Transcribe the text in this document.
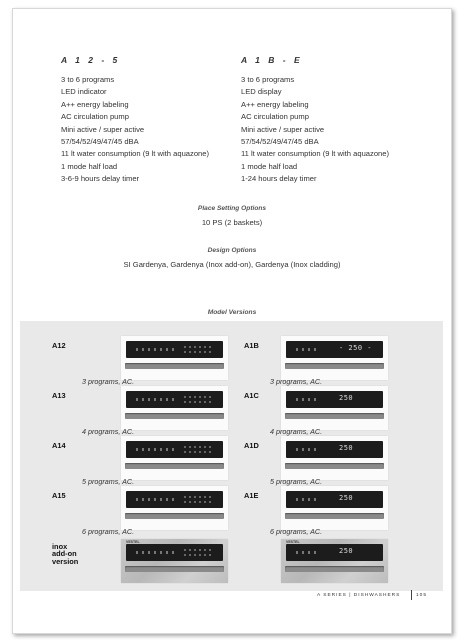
A 1 2 - 5
3 to 6 programs
LED indicator
A++ energy labeling
AC circulation pump
Mini active / super active
57/54/52/49/47/45 dBA
11 lt water consumption (9 lt with aquazone)
1 mode half load
3-6-9 hours delay timer
A 1 B - E
3 to 6 programs
LED display
A++ energy labeling
AC circulation pump
Mini active / super active
57/54/52/49/47/45 dBA
11 lt water consumption (9 lt with aquazone)
1 mode half load
1-24 hours delay timer
Place Setting Options
10 PS (2 baskets)
Design Options
SI Gardenya, Gardenya (Inox add-on), Gardenya (Inox cladding)
Model Versions
A12
3 programs, AC.
A13
4 programs, AC.
A14
5 programs, AC.
A15
6 programs, AC.
inox
add-on
version
VESTEL
A1B	- 250 -
3 programs, AC.
A1C	250
4 programs, AC.
A1D	250
5 programs, AC.
A1E	250
6 programs, AC.
VESTEL
250
A SERIES | DISHWASHERS	105
